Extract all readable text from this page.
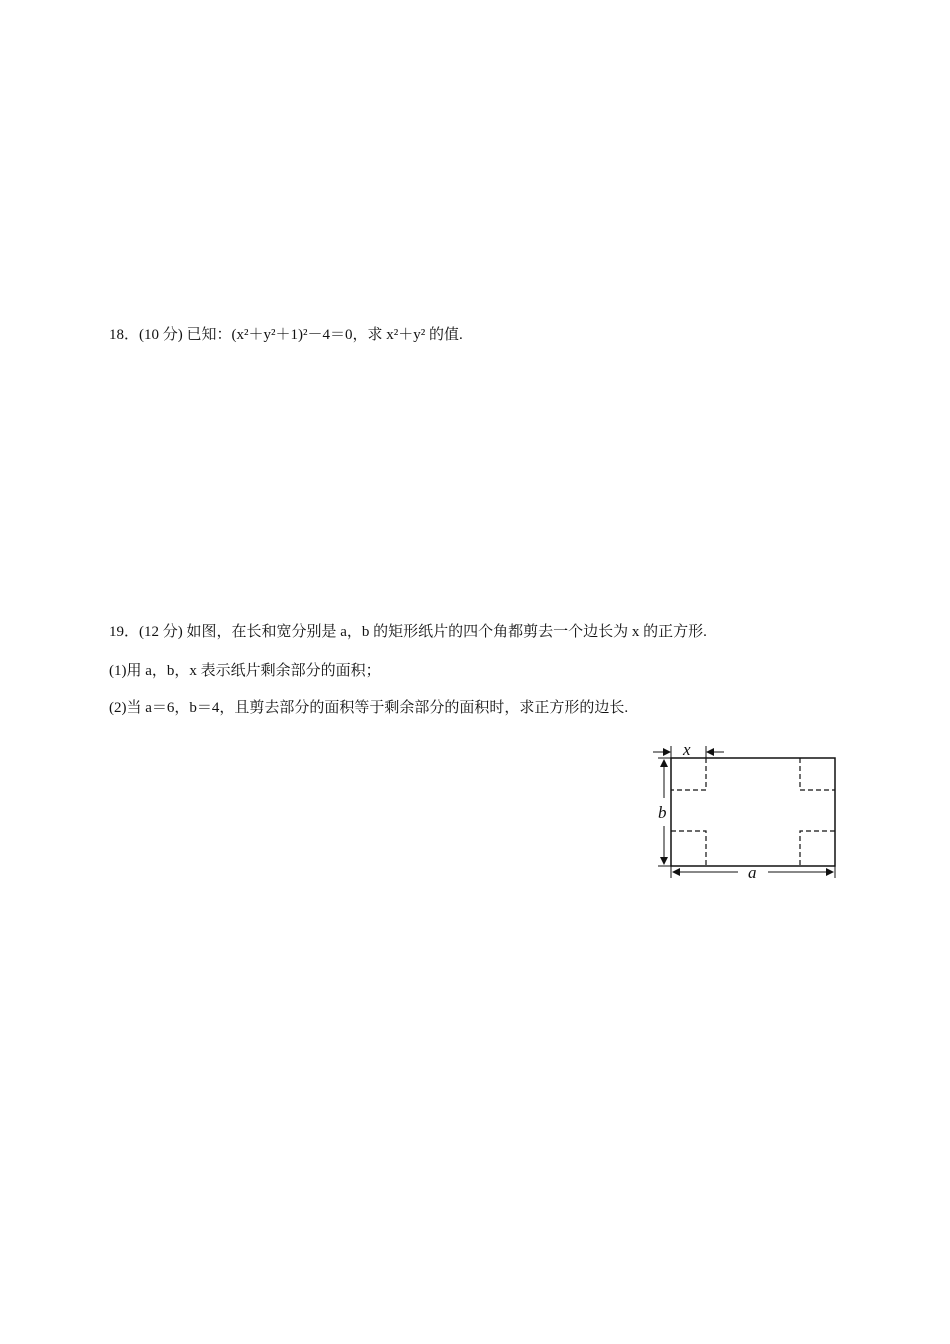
18．(10 分) 已知：(x²＋y²＋1)²－4＝0，求 x²＋y² 的值.
19．(12 分) 如图，在长和宽分别是 a，b 的矩形纸片的四个角都剪去一个边长为 x 的正方形.
(1)用 a，b，x 表示纸片剩余部分的面积；
(2)当 a＝6，b＝4，且剪去部分的面积等于剩余部分的面积时，求正方形的边长.
x
b
a
